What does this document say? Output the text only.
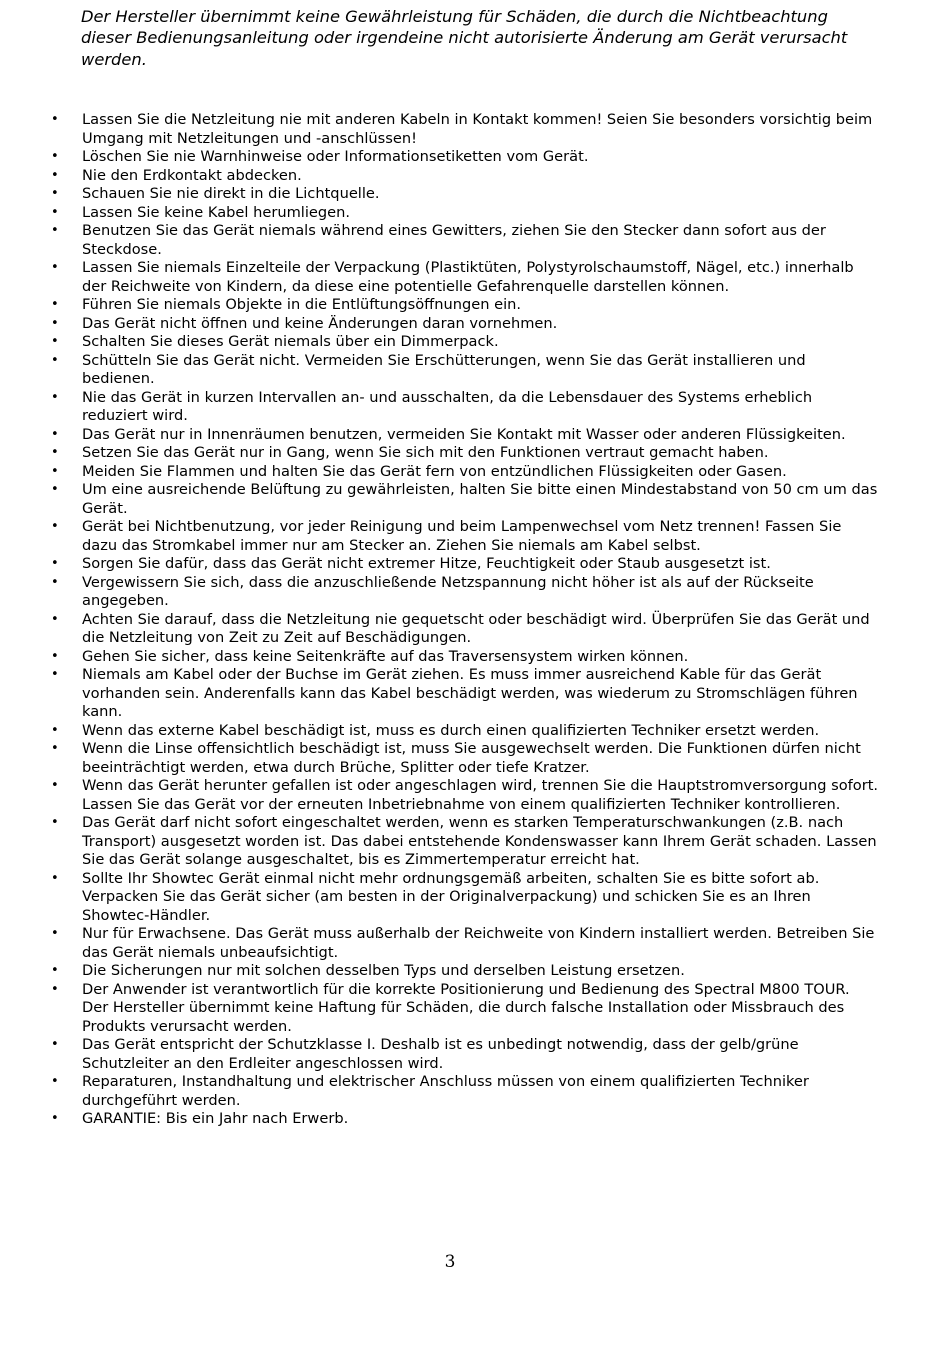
Der Hersteller übernimmt keine Gewährleistung für Schäden, die durch die Nichtbeachtung dieser Bedienungsanleitung oder irgendeine nicht autorisierte Änderung am Gerät verursacht werden.

• Lassen Sie die Netzleitung nie mit anderen Kabeln in Kontakt kommen! Seien Sie besonders vorsichtig beim Umgang mit Netzleitungen und -anschlüssen!
• Löschen Sie nie Warnhinweise oder Informationsetiketten vom Gerät.
• Nie den Erdkontakt abdecken.
• Schauen Sie nie direkt in die Lichtquelle.
• Lassen Sie keine Kabel herumliegen.
• Benutzen Sie das Gerät niemals während eines Gewitters, ziehen Sie den Stecker dann sofort aus der Steckdose.
• Lassen Sie niemals Einzelteile der Verpackung (Plastiktüten, Polystyrolschaumstoff, Nägel, etc.) innerhalb der Reichweite von Kindern, da diese eine potentielle Gefahrenquelle darstellen können.
• Führen Sie niemals Objekte in die Entlüftungsöffnungen ein.
• Das Gerät nicht öffnen und keine Änderungen daran vornehmen.
• Schalten Sie dieses Gerät niemals über ein Dimmerpack.
• Schütteln Sie das Gerät nicht. Vermeiden Sie Erschütterungen, wenn Sie das Gerät installieren und bedienen.
• Nie das Gerät in kurzen Intervallen an- und ausschalten, da die Lebensdauer des Systems erheblich reduziert wird.
• Das Gerät nur in Innenräumen benutzen, vermeiden Sie Kontakt mit Wasser oder anderen Flüssigkeiten.
• Setzen Sie das Gerät nur in Gang, wenn Sie sich mit den Funktionen vertraut gemacht haben.
• Meiden Sie Flammen und halten Sie das Gerät fern von entzündlichen Flüssigkeiten oder Gasen.
• Um eine ausreichende Belüftung zu gewährleisten, halten Sie bitte einen Mindestabstand von 50 cm um das Gerät.
• Gerät bei Nichtbenutzung, vor jeder Reinigung und beim Lampenwechsel vom Netz trennen! Fassen Sie dazu das Stromkabel immer nur am Stecker an. Ziehen Sie niemals am Kabel selbst.
• Sorgen Sie dafür, dass das Gerät nicht extremer Hitze, Feuchtigkeit oder Staub ausgesetzt ist.
• Vergewissern Sie sich, dass die anzuschließende Netzspannung nicht höher ist als auf der Rückseite angegeben.
• Achten Sie darauf, dass die Netzleitung nie gequetscht oder beschädigt wird. Überprüfen Sie das Gerät und die Netzleitung von Zeit zu Zeit auf Beschädigungen.
• Gehen Sie sicher, dass keine Seitenkräfte auf das Traversensystem wirken können.
• Niemals am Kabel oder der Buchse im Gerät ziehen. Es muss immer ausreichend Kable für das Gerät vorhanden sein. Anderenfalls kann das Kabel beschädigt werden, was wiederum zu Stromschlägen führen kann.
• Wenn das externe Kabel beschädigt ist, muss es durch einen qualifizierten Techniker ersetzt werden.
• Wenn die Linse offensichtlich beschädigt ist, muss Sie ausgewechselt werden. Die Funktionen dürfen nicht beeinträchtigt werden, etwa durch Brüche, Splitter oder tiefe Kratzer.
• Wenn das Gerät herunter gefallen ist oder angeschlagen wird, trennen Sie die Hauptstromversorgung sofort. Lassen Sie das Gerät vor der erneuten Inbetriebnahme von einem qualifizierten Techniker kontrollieren.
• Das Gerät darf nicht sofort eingeschaltet werden, wenn es starken Temperaturschwankungen (z.B. nach Transport) ausgesetzt worden ist. Das dabei entstehende Kondenswasser kann Ihrem Gerät schaden. Lassen Sie das Gerät solange ausgeschaltet, bis es Zimmertemperatur erreicht hat.
• Sollte Ihr Showtec Gerät einmal nicht mehr ordnungsgemäß arbeiten, schalten Sie es bitte sofort ab. Verpacken Sie das Gerät sicher (am besten in der Originalverpackung) und schicken Sie es an Ihren Showtec-Händler.
• Nur für Erwachsene. Das Gerät muss außerhalb der Reichweite von Kindern installiert werden. Betreiben Sie das Gerät niemals unbeaufsichtigt.
• Die Sicherungen nur mit solchen desselben Typs und derselben Leistung ersetzen.
• Der Anwender ist verantwortlich für die korrekte Positionierung und Bedienung des Spectral M800 TOUR. Der Hersteller übernimmt keine Haftung für Schäden, die durch falsche Installation oder Missbrauch des Produkts verursacht werden.
• Das Gerät entspricht der Schutzklasse I. Deshalb ist es unbedingt notwendig, dass der gelb/grüne Schutzleiter an den Erdleiter angeschlossen wird.
• Reparaturen, Instandhaltung und elektrischer Anschluss müssen von einem qualifizierten Techniker durchgeführt werden.
• GARANTIE: Bis ein Jahr nach Erwerb.
3
